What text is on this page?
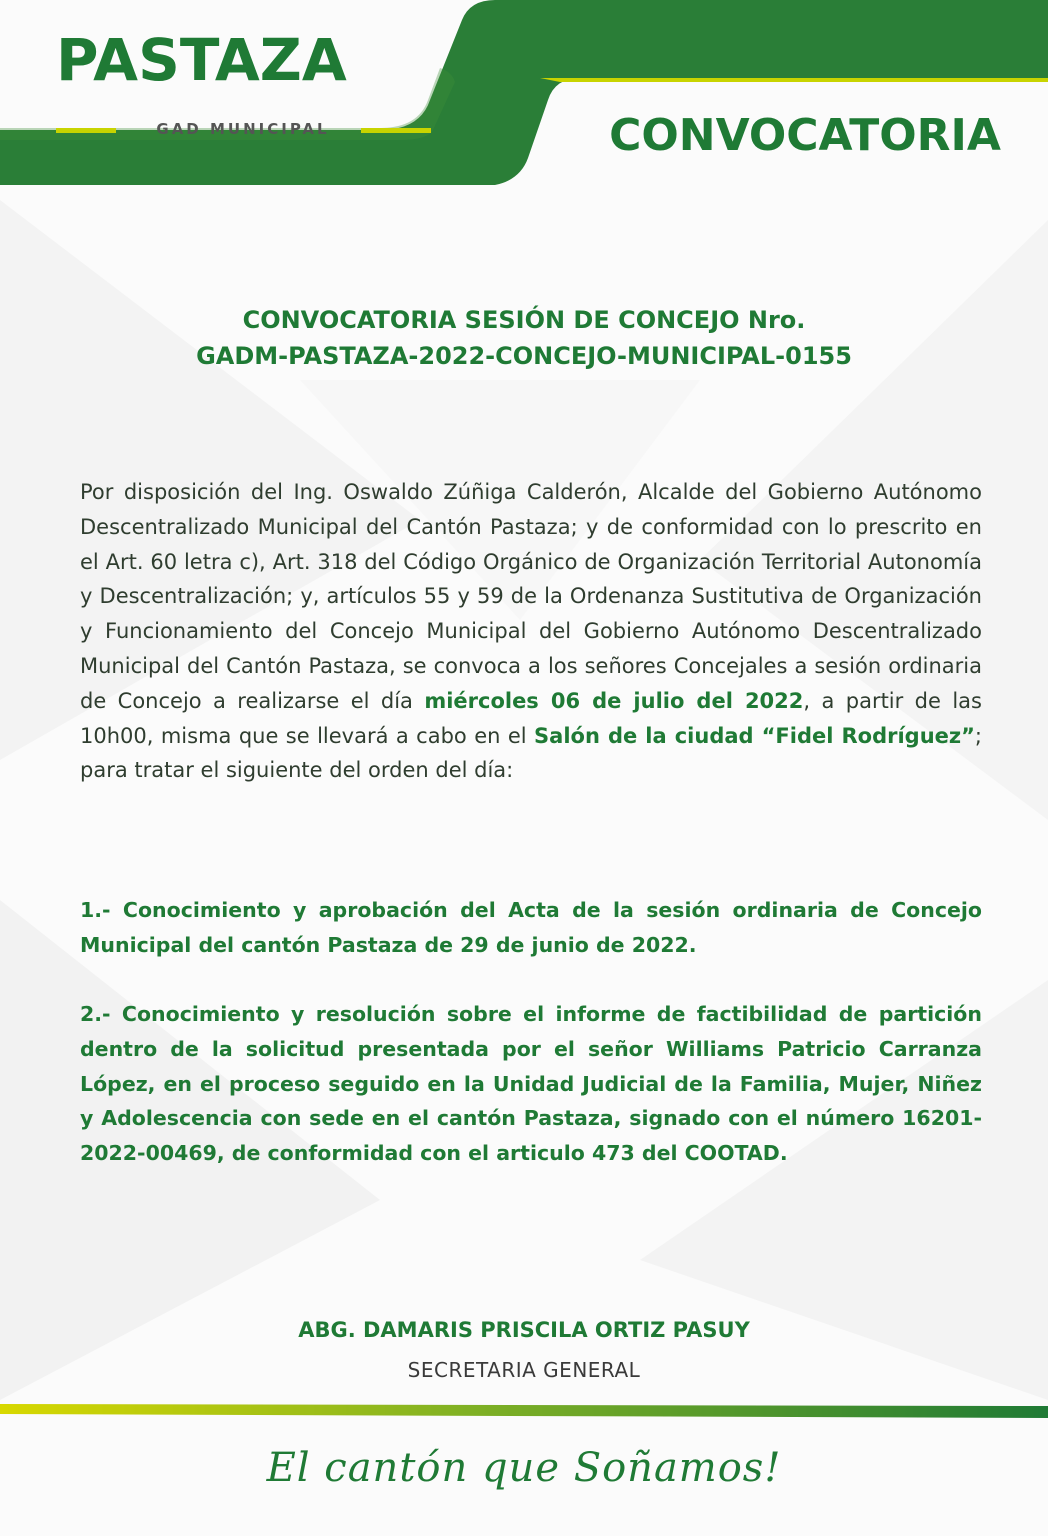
PASTAZA
GAD MUNICIPAL	CONVOCATORIA
CONVOCATORIA SESIÓN DE CONCEJO Nro.
GADM-PASTAZA-2022-CONCEJO-MUNICIPAL-0155
Por disposición del Ing. Oswaldo Zúñiga Calderón, Alcalde del Gobierno Autónomo Descentralizado Municipal del Cantón Pastaza; y de conformidad con lo prescrito en el Art. 60 letra c), Art. 318 del Código Orgánico de Organización Territorial Autonomía y Descentralización; y, artículos 55 y 59 de la Ordenanza Sustitutiva de Organización y Funcionamiento del Concejo Municipal del Gobierno Autónomo Descentralizado Municipal del Cantón Pastaza, se convoca a los señores Concejales a sesión ordinaria de Concejo a realizarse el día miércoles 06 de julio del 2022, a partir de las 10h00, misma que se llevará a cabo en el Salón de la ciudad “Fidel Rodríguez”; para tratar el siguiente del orden del día:
1.- Conocimiento y aprobación del Acta de la sesión ordinaria de Concejo Municipal del cantón Pastaza de 29 de junio de 2022.
2.- Conocimiento y resolución sobre el informe de factibilidad de partición dentro de la solicitud presentada por el señor Williams Patricio Carranza López, en el proceso seguido en la Unidad Judicial de la Familia, Mujer, Niñez y Adolescencia con sede en el cantón Pastaza, signado con el número 16201-2022-00469, de conformidad con el articulo 473 del COOTAD.
ABG. DAMARIS PRISCILA ORTIZ PASUY
SECRETARIA GENERAL
El cantón que Soñamos!
